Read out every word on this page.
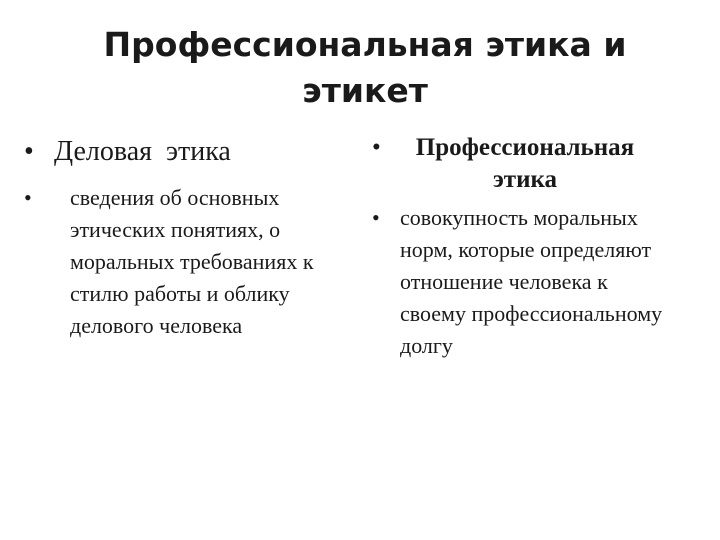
Профессиональная этика и
этикет
• Деловая  этика
• сведения об основных этических понятиях, о моральных требованиях к стилю работы и облику делового человека
•	Профессиональная этика
• совокупность моральных норм, которые определяют отношение человека к своему профессиональному долгу
